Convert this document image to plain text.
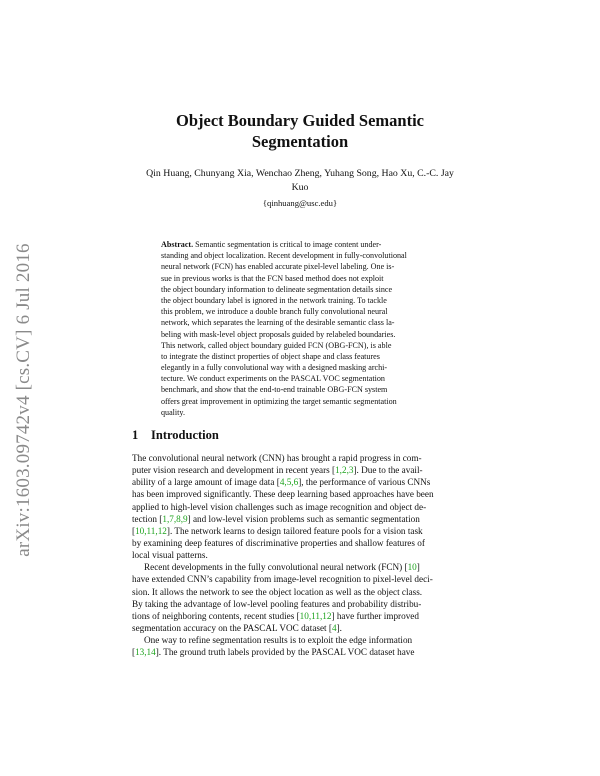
arXiv:1603.09742v4 [cs.CV] 6 Jul 2016
Object Boundary Guided Semantic
Segmentation
Qin Huang, Chunyang Xia, Wenchao Zheng, Yuhang Song, Hao Xu, C.-C. Jay
Kuo
{qinhuang@usc.edu}
Abstract. Semantic segmentation is critical to image content under-
standing and object localization. Recent development in fully-convolutional
neural network (FCN) has enabled accurate pixel-level labeling. One is-
sue in previous works is that the FCN based method does not exploit
the object boundary information to delineate segmentation details since
the object boundary label is ignored in the network training. To tackle
this problem, we introduce a double branch fully convolutional neural
network, which separates the learning of the desirable semantic class la-
beling with mask-level object proposals guided by relabeled boundaries.
This network, called object boundary guided FCN (OBG-FCN), is able
to integrate the distinct properties of object shape and class features
elegantly in a fully convolutional way with a designed masking archi-
tecture. We conduct experiments on the PASCAL VOC segmentation
benchmark, and show that the end-to-end trainable OBG-FCN system
offers great improvement in optimizing the target semantic segmentation
quality.
1 Introduction
The convolutional neural network (CNN) has brought a rapid progress in com-
puter vision research and development in recent years [1,2,3]. Due to the avail-
ability of a large amount of image data [4,5,6], the performance of various CNNs
has been improved significantly. These deep learning based approaches have been
applied to high-level vision challenges such as image recognition and object de-
tection [1,7,8,9] and low-level vision problems such as semantic segmentation
[10,11,12]. The network learns to design tailored feature pools for a vision task
by examining deep features of discriminative properties and shallow features of
local visual patterns.
Recent developments in the fully convolutional neural network (FCN) [10]
have extended CNN’s capability from image-level recognition to pixel-level deci-
sion. It allows the network to see the object location as well as the object class.
By taking the advantage of low-level pooling features and probability distribu-
tions of neighboring contents, recent studies [10,11,12] have further improved
segmentation accuracy on the PASCAL VOC dataset [4].
One way to refine segmentation results is to exploit the edge information
[13,14]. The ground truth labels provided by the PASCAL VOC dataset have
